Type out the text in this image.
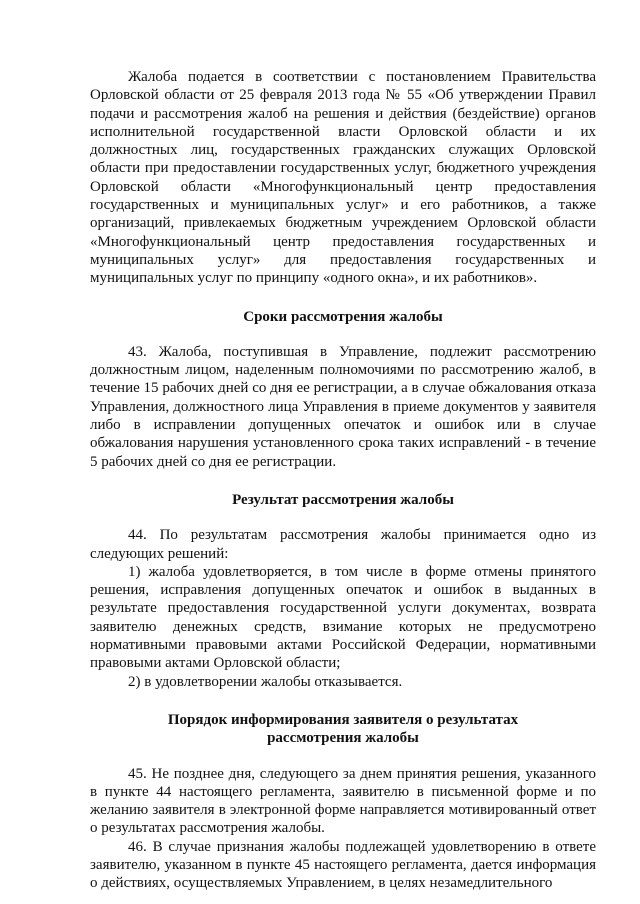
Жалоба подается в соответствии с постановлением Правительства Орловской области от 25 февраля 2013 года № 55 «Об утверждении Правил подачи и рассмотрения жалоб на решения и действия (бездействие) органов исполнительной государственной власти Орловской области и их должностных лиц, государственных гражданских служащих Орловской области при предоставлении государственных услуг, бюджетного учреждения Орловской области «Многофункциональный центр предоставления государственных и муниципальных услуг» и его работников, а также организаций, привлекаемых бюджетным учреждением Орловской области «Многофункциональный центр предоставления государственных и муниципальных услуг» для предоставления государственных и муниципальных услуг по принципу «одного окна», и их работников».

Сроки рассмотрения жалобы

43. Жалоба, поступившая в Управление, подлежит рассмотрению должностным лицом, наделенным полномочиями по рассмотрению жалоб, в течение 15 рабочих дней со дня ее регистрации, а в случае обжалования отказа Управления, должностного лица Управления в приеме документов у заявителя либо в исправлении допущенных опечаток и ошибок или в случае обжалования нарушения установленного срока таких исправлений - в течение 5 рабочих дней со дня ее регистрации.

Результат рассмотрения жалобы

44. По результатам рассмотрения жалобы принимается одно из следующих решений:

1) жалоба удовлетворяется, в том числе в форме отмены принятого решения, исправления допущенных опечаток и ошибок в выданных в результате предоставления государственной услуги документах, возврата заявителю денежных средств, взимание которых не предусмотрено нормативными правовыми актами Российской Федерации, нормативными правовыми актами Орловской области;

2) в удовлетворении жалобы отказывается.

Порядок информирования заявителя о результатах
рассмотрения жалобы

45. Не позднее дня, следующего за днем принятия решения, указанного в пункте 44 настоящего регламента, заявителю в письменной форме и по желанию заявителя в электронной форме направляется мотивированный ответ о результатах рассмотрения жалобы.

46. В случае признания жалобы подлежащей удовлетворению в ответе заявителю, указанном в пункте 45 настоящего регламента, дается информация о действиях, осуществляемых Управлением, в целях незамедлительного
